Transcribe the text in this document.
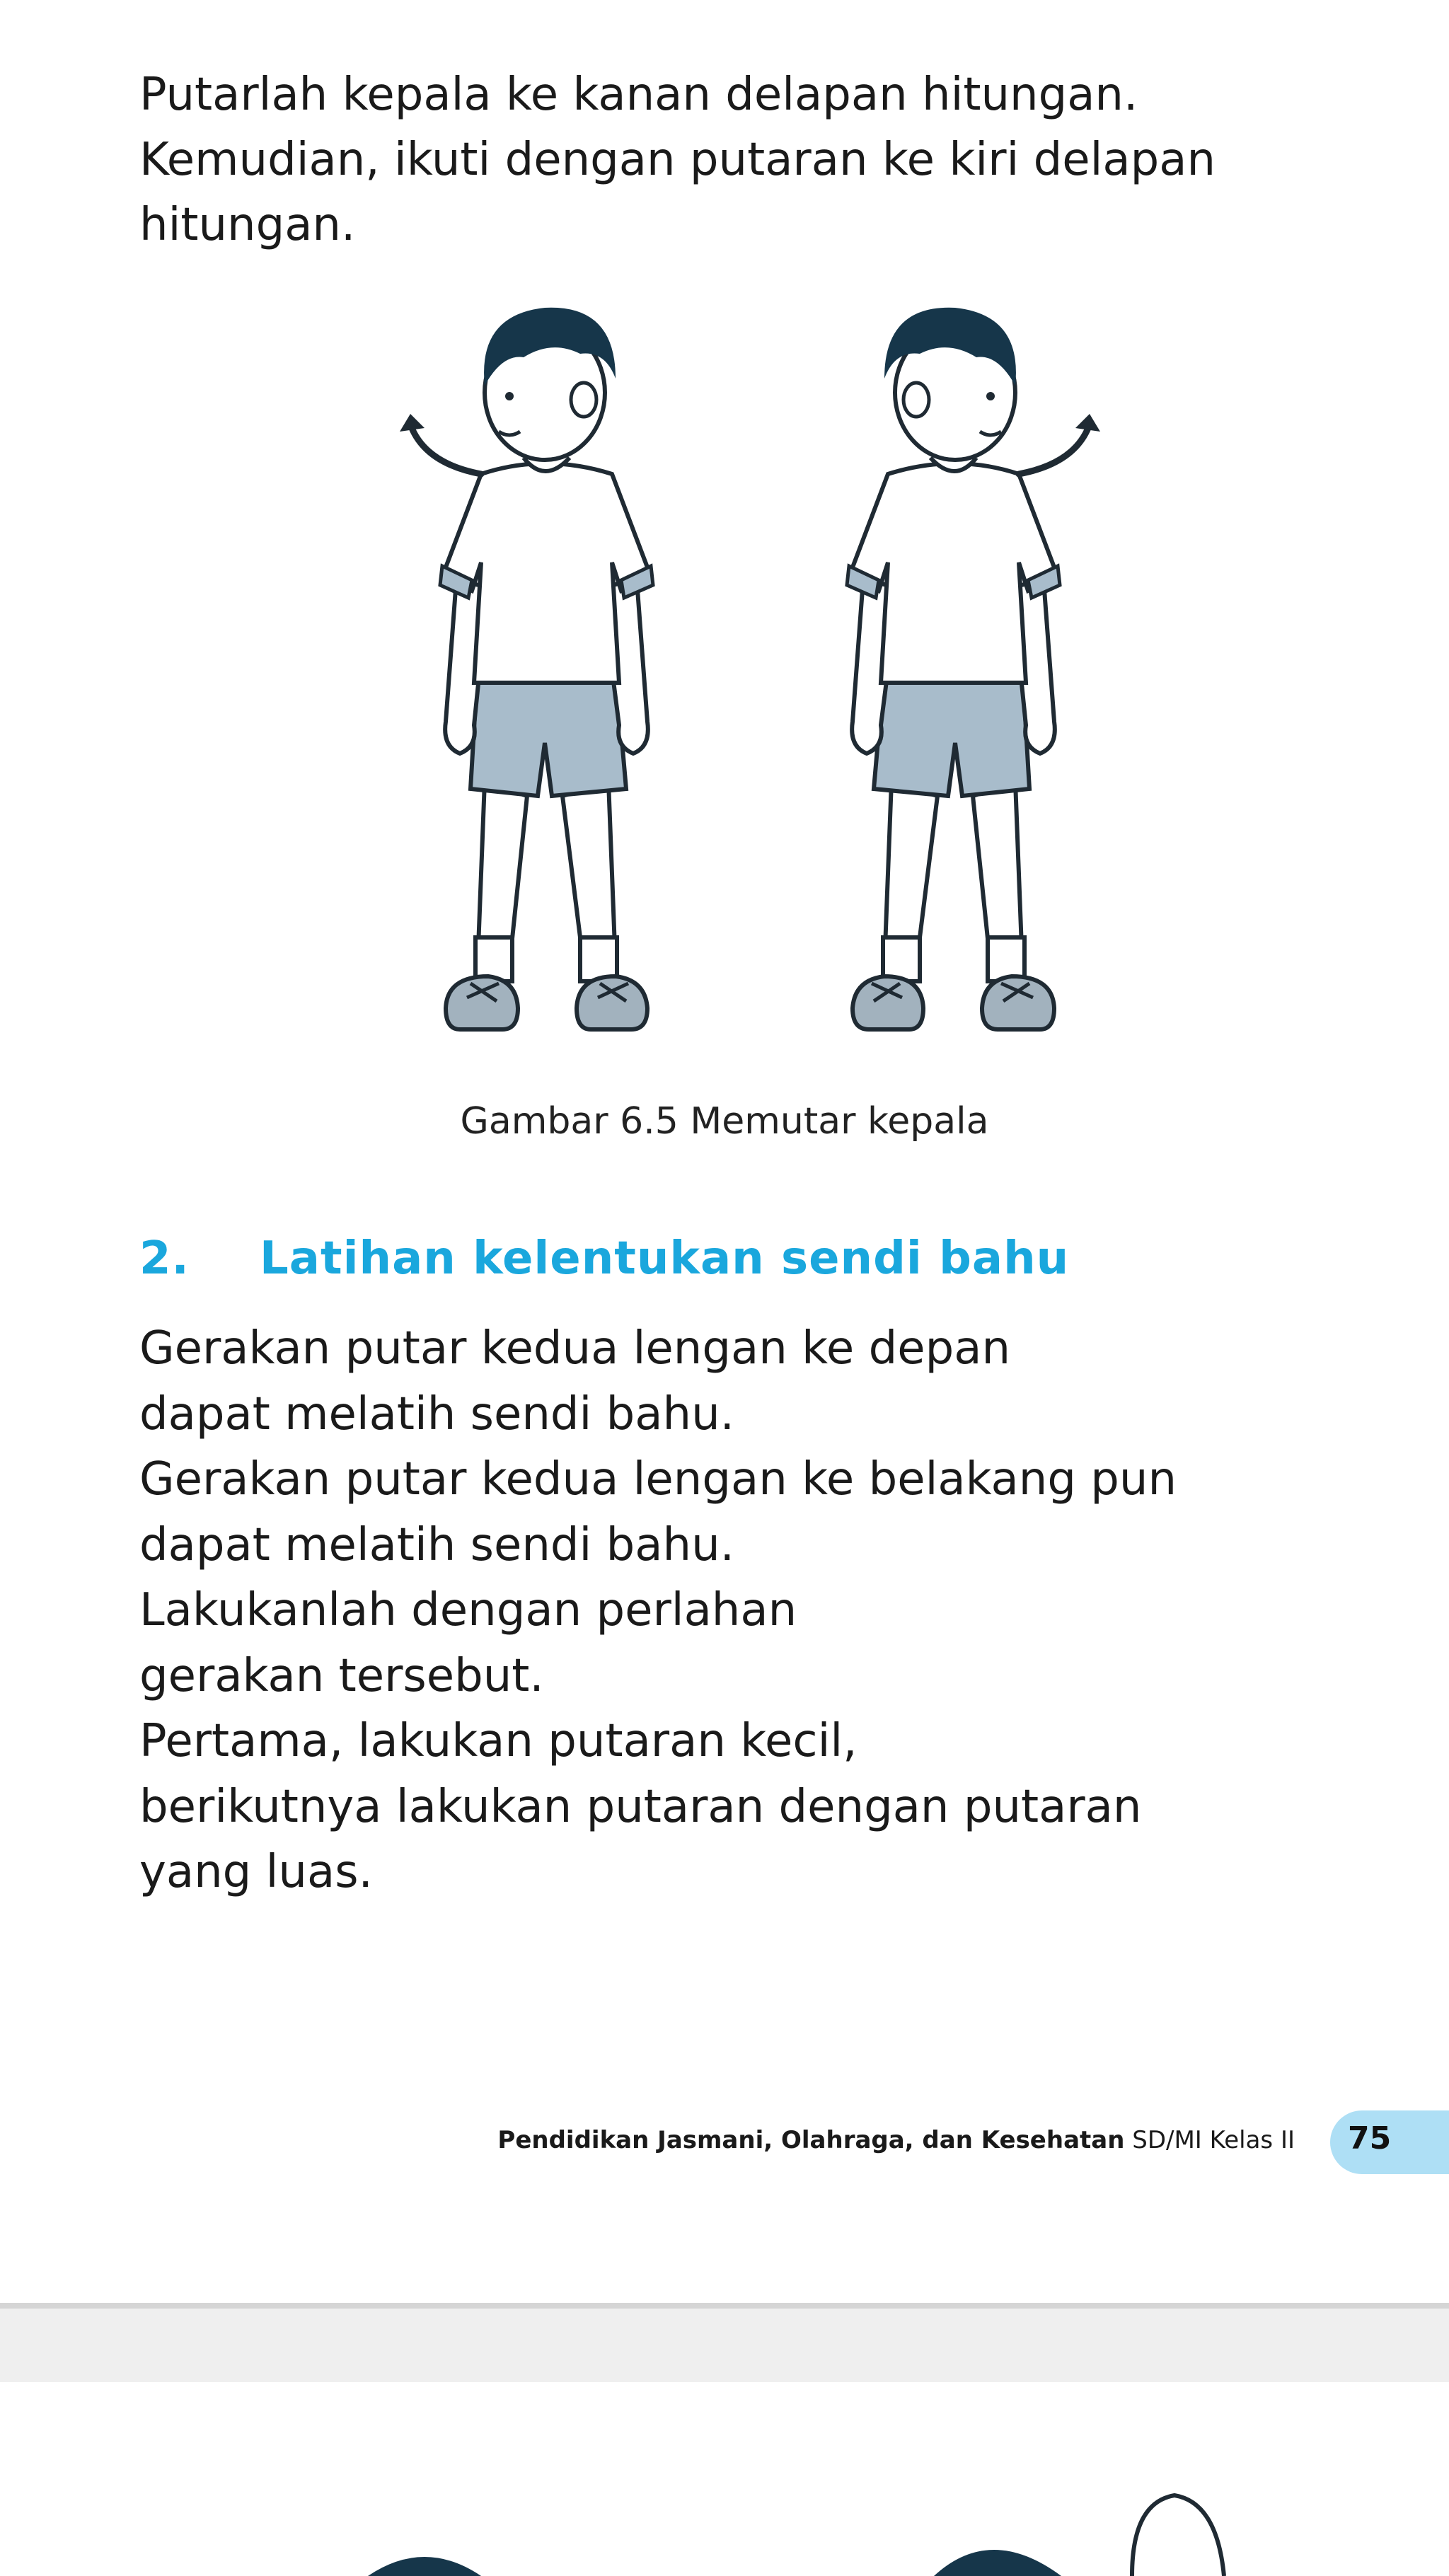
Putarlah kepala ke kanan delapan hitungan.
Kemudian, ikuti dengan putaran ke kiri delapan
hitungan.

Gambar 6.5 Memutar kepala
2. Latihan kelentukan sendi bahu

Gerakan putar kedua lengan ke depan
dapat melatih sendi bahu.
Gerakan putar kedua lengan ke belakang pun
dapat melatih sendi bahu.
Lakukanlah dengan perlahan
gerakan tersebut.
Pertama, lakukan putaran kecil,
berikutnya lakukan putaran dengan putaran
yang luas.

Pendidikan Jasmani, Olahraga, dan Kesehatan SD/MI Kelas II 75
